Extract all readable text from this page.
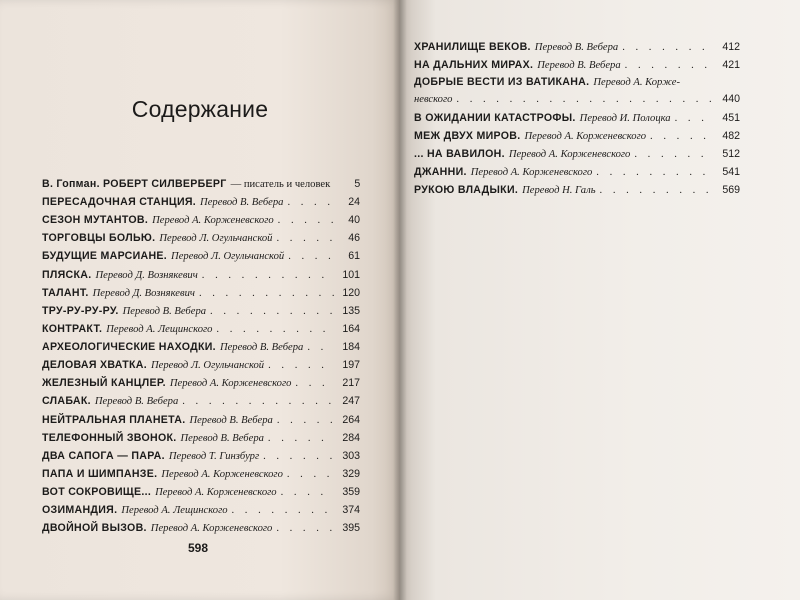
Содержание
В. Гопман. РОБЕРТ СИЛВЕРБЕРГ — писатель и человек	5
ПЕРЕСАДОЧНАЯ СТАНЦИЯ. Перевод В. Вебера . . .	24
СЕЗОН МУТАНТОВ. Перевод А. Корженевского . . .	40
ТОРГОВЦЫ БОЛЬЮ. Перевод Л. Огульчанской . . .	46
БУДУЩИЕ МАРСИАНЕ. Перевод Л. Огульчанской . . .	61
ПЛЯСКА. Перевод Д. Вознякевич . . .	101
ТАЛАНТ. Перевод Д. Вознякевич . . .	120
ТРУ-РУ-РУ-РУ. Перевод В. Вебера . . .	135
КОНТРАКТ. Перевод А. Лещинского . . .	164
АРХЕОЛОГИЧЕСКИЕ НАХОДКИ. Перевод В. Вебера . . .	184
ДЕЛОВАЯ ХВАТКА. Перевод Л. Огульчанской . . .	197
ЖЕЛЕЗНЫЙ КАНЦЛЕР. Перевод А. Корженевского . . .	217
СЛАБАК. Перевод В. Вебера . . .	247
НЕЙТРАЛЬНАЯ ПЛАНЕТА. Перевод В. Вебера . . .	264
ТЕЛЕФОННЫЙ ЗВОНОК. Перевод В. Вебера . . .	284
ДВА САПОГА — ПАРА. Перевод Т. Гинзбург . . .	303
ПАПА И ШИМПАНЗЕ. Перевод А. Корженевского . . .	329
ВОТ СОКРОВИЩЕ... Перевод А. Корженевского . . .	359
ОЗИМАНДИЯ. Перевод А. Лещинского . . .	374
ДВОЙНОЙ ВЫЗОВ. Перевод А. Корженевского . . .	395
598
ХРАНИЛИЩЕ ВЕКОВ. Перевод В. Вебера . . .	412
НА ДАЛЬНИХ МИРАХ. Перевод В. Вебера . . .	421
ДОБРЫЕ ВЕСТИ ИЗ ВАТИКАНА. Перевод А. Корже-
невского . . .	440
В ОЖИДАНИИ КАТАСТРОФЫ. Перевод И. Полоцка . . .	451
МЕЖ ДВУХ МИРОВ. Перевод А. Корженевского . . .	482
... НА ВАВИЛОН. Перевод А. Корженевского . . .	512
ДЖАННИ. Перевод А. Корженевского . . .	541
РУКОЮ ВЛАДЫКИ. Перевод Н. Галь . . .	569
